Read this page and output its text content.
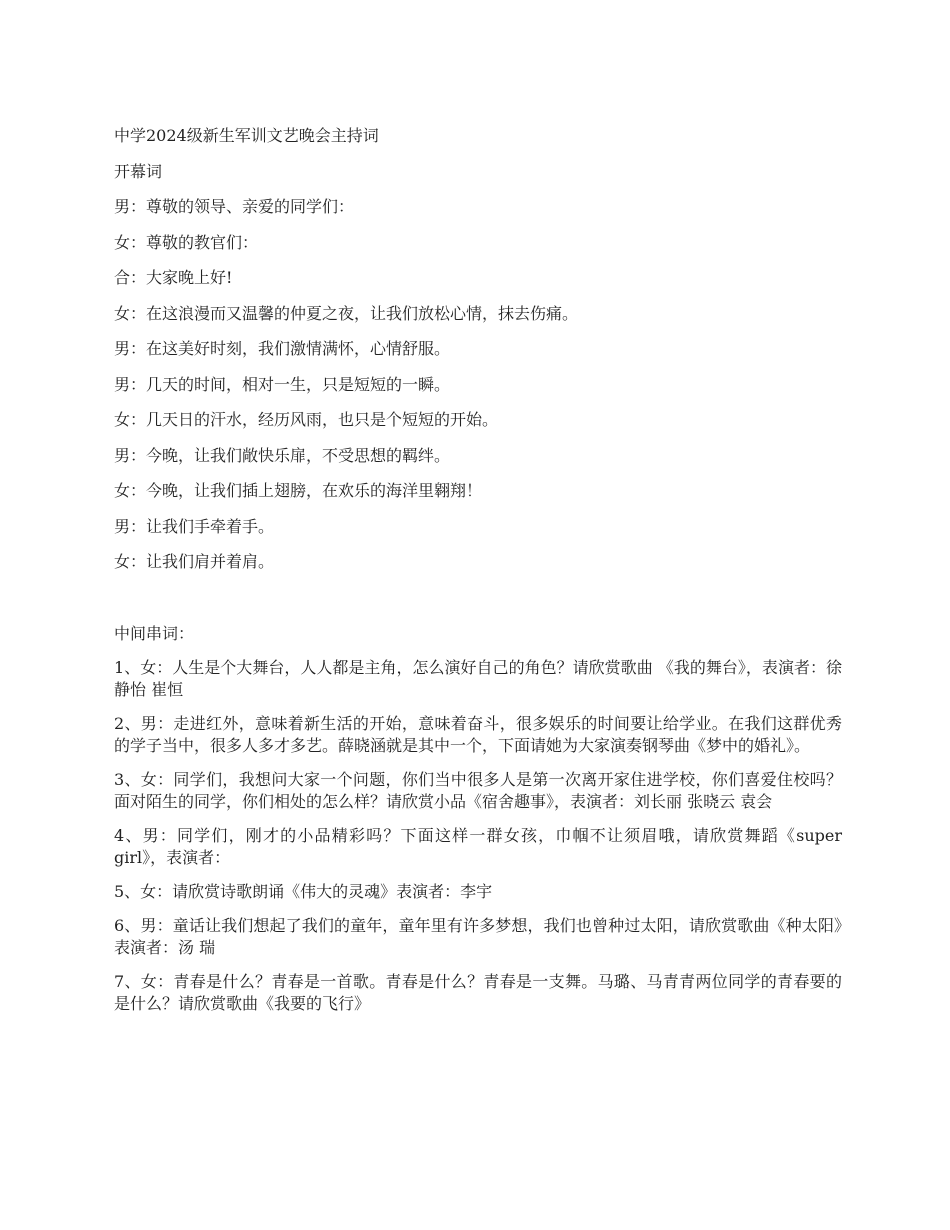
中学2024级新生军训文艺晚会主持词
开幕词
男：尊敬的领导、亲爱的同学们：
女：尊敬的教官们：
合：大家晚上好!
女：在这浪漫而又温馨的仲夏之夜，让我们放松心情，抹去伤痛。
男：在这美好时刻，我们激情满怀，心情舒服。
男：几天的时间，相对一生，只是短短的一瞬。
女：几天日的汗水，经历风雨，也只是个短短的开始。
男：今晚，让我们敞快乐扉，不受思想的羁绊。
女：今晚，让我们插上翅膀，在欢乐的海洋里翱翔！
男：让我们手牵着手。
女：让我们肩并着肩。
中间串词：
1、女：人生是个大舞台，人人都是主角，怎么演好自己的角色？请欣赏歌曲 《我的舞台》，表演者：徐静怡 崔恒
2、男：走进红外，意味着新生活的开始，意味着奋斗，很多娱乐的时间要让给学业。在我们这群优秀的学子当中，很多人多才多艺。薛晓涵就是其中一个，下面请她为大家演奏钢琴曲《梦中的婚礼》。
3、女：同学们，我想问大家一个问题，你们当中很多人是第一次离开家住进学校，你们喜爱住校吗？面对陌生的同学，你们相处的怎么样？请欣赏小品《宿舍趣事》，表演者：刘长丽 张晓云 袁会
4、男：同学们，刚才的小品精彩吗？下面这样一群女孩，巾帼不让须眉哦，请欣赏舞蹈《super girl》，表演者：
5、女：请欣赏诗歌朗诵《伟大的灵魂》表演者：李宇
6、男：童话让我们想起了我们的童年，童年里有许多梦想，我们也曾种过太阳，请欣赏歌曲《种太阳》表演者：汤 瑞
7、女：青春是什么？青春是一首歌。青春是什么？青春是一支舞。马璐、马青青两位同学的青春要的是什么？请欣赏歌曲《我要的飞行》
